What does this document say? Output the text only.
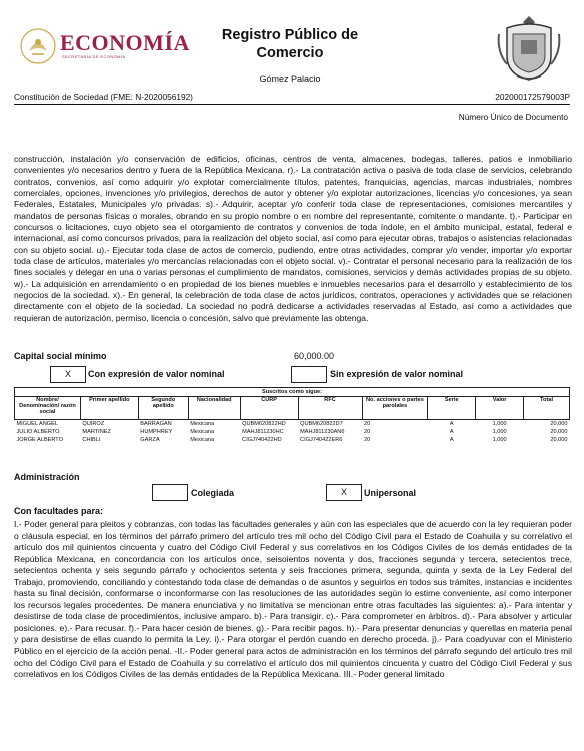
ECONOMÍA
SECRETARÍA DE ECONOMÍA
Registro Público de Comercio
Gómez Palacio
Constitución de Sociedad (FME: N-2020056192)	202000172579003P
Número Único de Documento
construcción, instalación y/o conservación de edificios, oficinas, centros de venta, almacenes, bodegas, talleres, patios e inmobiliario convenientes y/o necesarios dentro y fuera de la República Mexicana. r).- La contratación activa o pasiva de toda clase de servicios, celebrando contratos, convenios, así como adquirir y/o explotar comercialmente títulos, patentes, franquicias, agencias, marcas industriales, nombres comerciales, opciones, invenciones y/o privilegios, derechos de autor y obtener y/o explotar autorizaciones, licencias y/o concesiones, ya sean Federales, Estatales, Municipales y/o privadas. s).- Adquirir, aceptar y/o conferir toda clase de representaciones, comisiones mercantiles y mandatos de personas físicas o morales, obrando en su propio nombre o en nombre del representante, comitente o mandante. t).- Participar en concursos o licitaciones, cuyo objeto sea el otorgamiento de contratos y convenios de toda índole, en el ámbito municipal, estatal, federal e internacional, así como concursos privados, para la realización del objeto social, así como para ejecutar obras, trabajos o asistencias relacionadas con su objeto social. u).- Ejecutar toda clase de actos de comercio, pudiendo, entre otras actividades, comprar y/o vender, importar y/o exportar toda clase de artículos, materiales y/o mercancías relacionadas con el objeto social. v).- Contratar el personal necesario para la realización de los fines sociales y delegar en una o varias personas el cumplimiento de mandatos, comisiones, servicios y demás actividades propias de su objeto. w).- La adquisición en arrendamiento o en propiedad de los bienes muebles e inmuebles necesarios para el desarrollo y establecimiento de los negocios de la sociedad. x).- En general, la celebración de toda clase de actos jurídicos, contratos, operaciones y actividades que se relacionen directamente con el objeto de la sociedad. La sociedad no podrá dedicarse a actividades reservadas al Estado, así como a actividades que requieran de autorización, permiso, licencia o concesión, salvo que previamente las obtenga.
Capital social mínimo	60,000.00
X	Con expresión de valor nominal	Sin expresión de valor nominal
Suscritos como sigue:									
Nombre/ Denominación/ razón social	Primer apellido	Segundo apellido	Nacionalidad	CURP	RFC	No. acciones o partes parolales	Serie	Valor	Total
MIGUEL ANGEL	QUIROZ	BARRAGAN	Mexicana	QUBM620822HD	QUBM620822D7	20	A	1,000	20,000
JULIO ALBERTO	MARTINEZ	HUMPHREY	Mexicana	MAHJ811230HC	MAHJ811230AN6	20	A	1,000	20,000
JORGE ALBERTO	CHIBLI	GARZA	Mexicana	CIGJ740422HD	CIGJ740422ER6	20	A	1,000	20,000
Administración
Colegiada	X	Unipersonal
Con facultades para:
I.- Poder general para pleitos y cobranzas, con todas las facultades generales y aún con las especiales que de acuerdo con la ley requieran poder o cláusula especial, en los términos del párrafo primero del artículo tres mil ocho del Código Civil para el Estado de Coahuila y su correlativo el artículo dos mil quinientos cincuenta y cuatro del Código Civil Federal y sus correlativos en los Códigos Civiles de los demás entidades de la República Mexicana, en concordancia con los artículos once, seisoientos noventa y dos, fracciones segunda y tercera, setecientos trece, setecientos ochenta y seis segundo párrafo y ochocientos setenta y seis fracciones primera, segunda, quinta y sexta de la Ley Federal del Trabajo, promoviendo, conciliando y contestando toda clase de demandas o de asuntos y seguirlos en todos sus trámites, instancias e incidentes hasta su final decisión, conformarse o inconformarse con las resoluciones de las autoridades según lo estime conveniente, así como interponer los recursos legales procedentes. De manera enunciativa y no limitativa se mencionan entre otras facultades las siguientes: a).- Para intentar y desistirse de toda clase de procedimientos, inclusive amparo. b).- Para transigir. c).- Para comprometer en árbitros. d).- Para absolver y articular posiciones. e).- Para recusar. f).- Para hacer cesión de bienes. g).- Para recibir pagos. h).- Para presentar denuncias y querellas en materia penal y para desistirse de ellas cuando lo permita la Ley. i).- Para otorgar el perdón cuando en derecho proceda. j).- Para coadyuvar con el Ministerio Público en el ejercicio de la acción penal. -II.- Poder general para actos de administración en los términos del párrafo segundo del artículo tres mil ocho del Código Civil para el Estado de Coahuila y su correlativo el artículo dos mil quinientos cincuenta y cuatro del Código Civil Federal y sus correlativos en los Códigos Civiles de las demás entidades de la República Mexicana. III.- Poder general limitado
